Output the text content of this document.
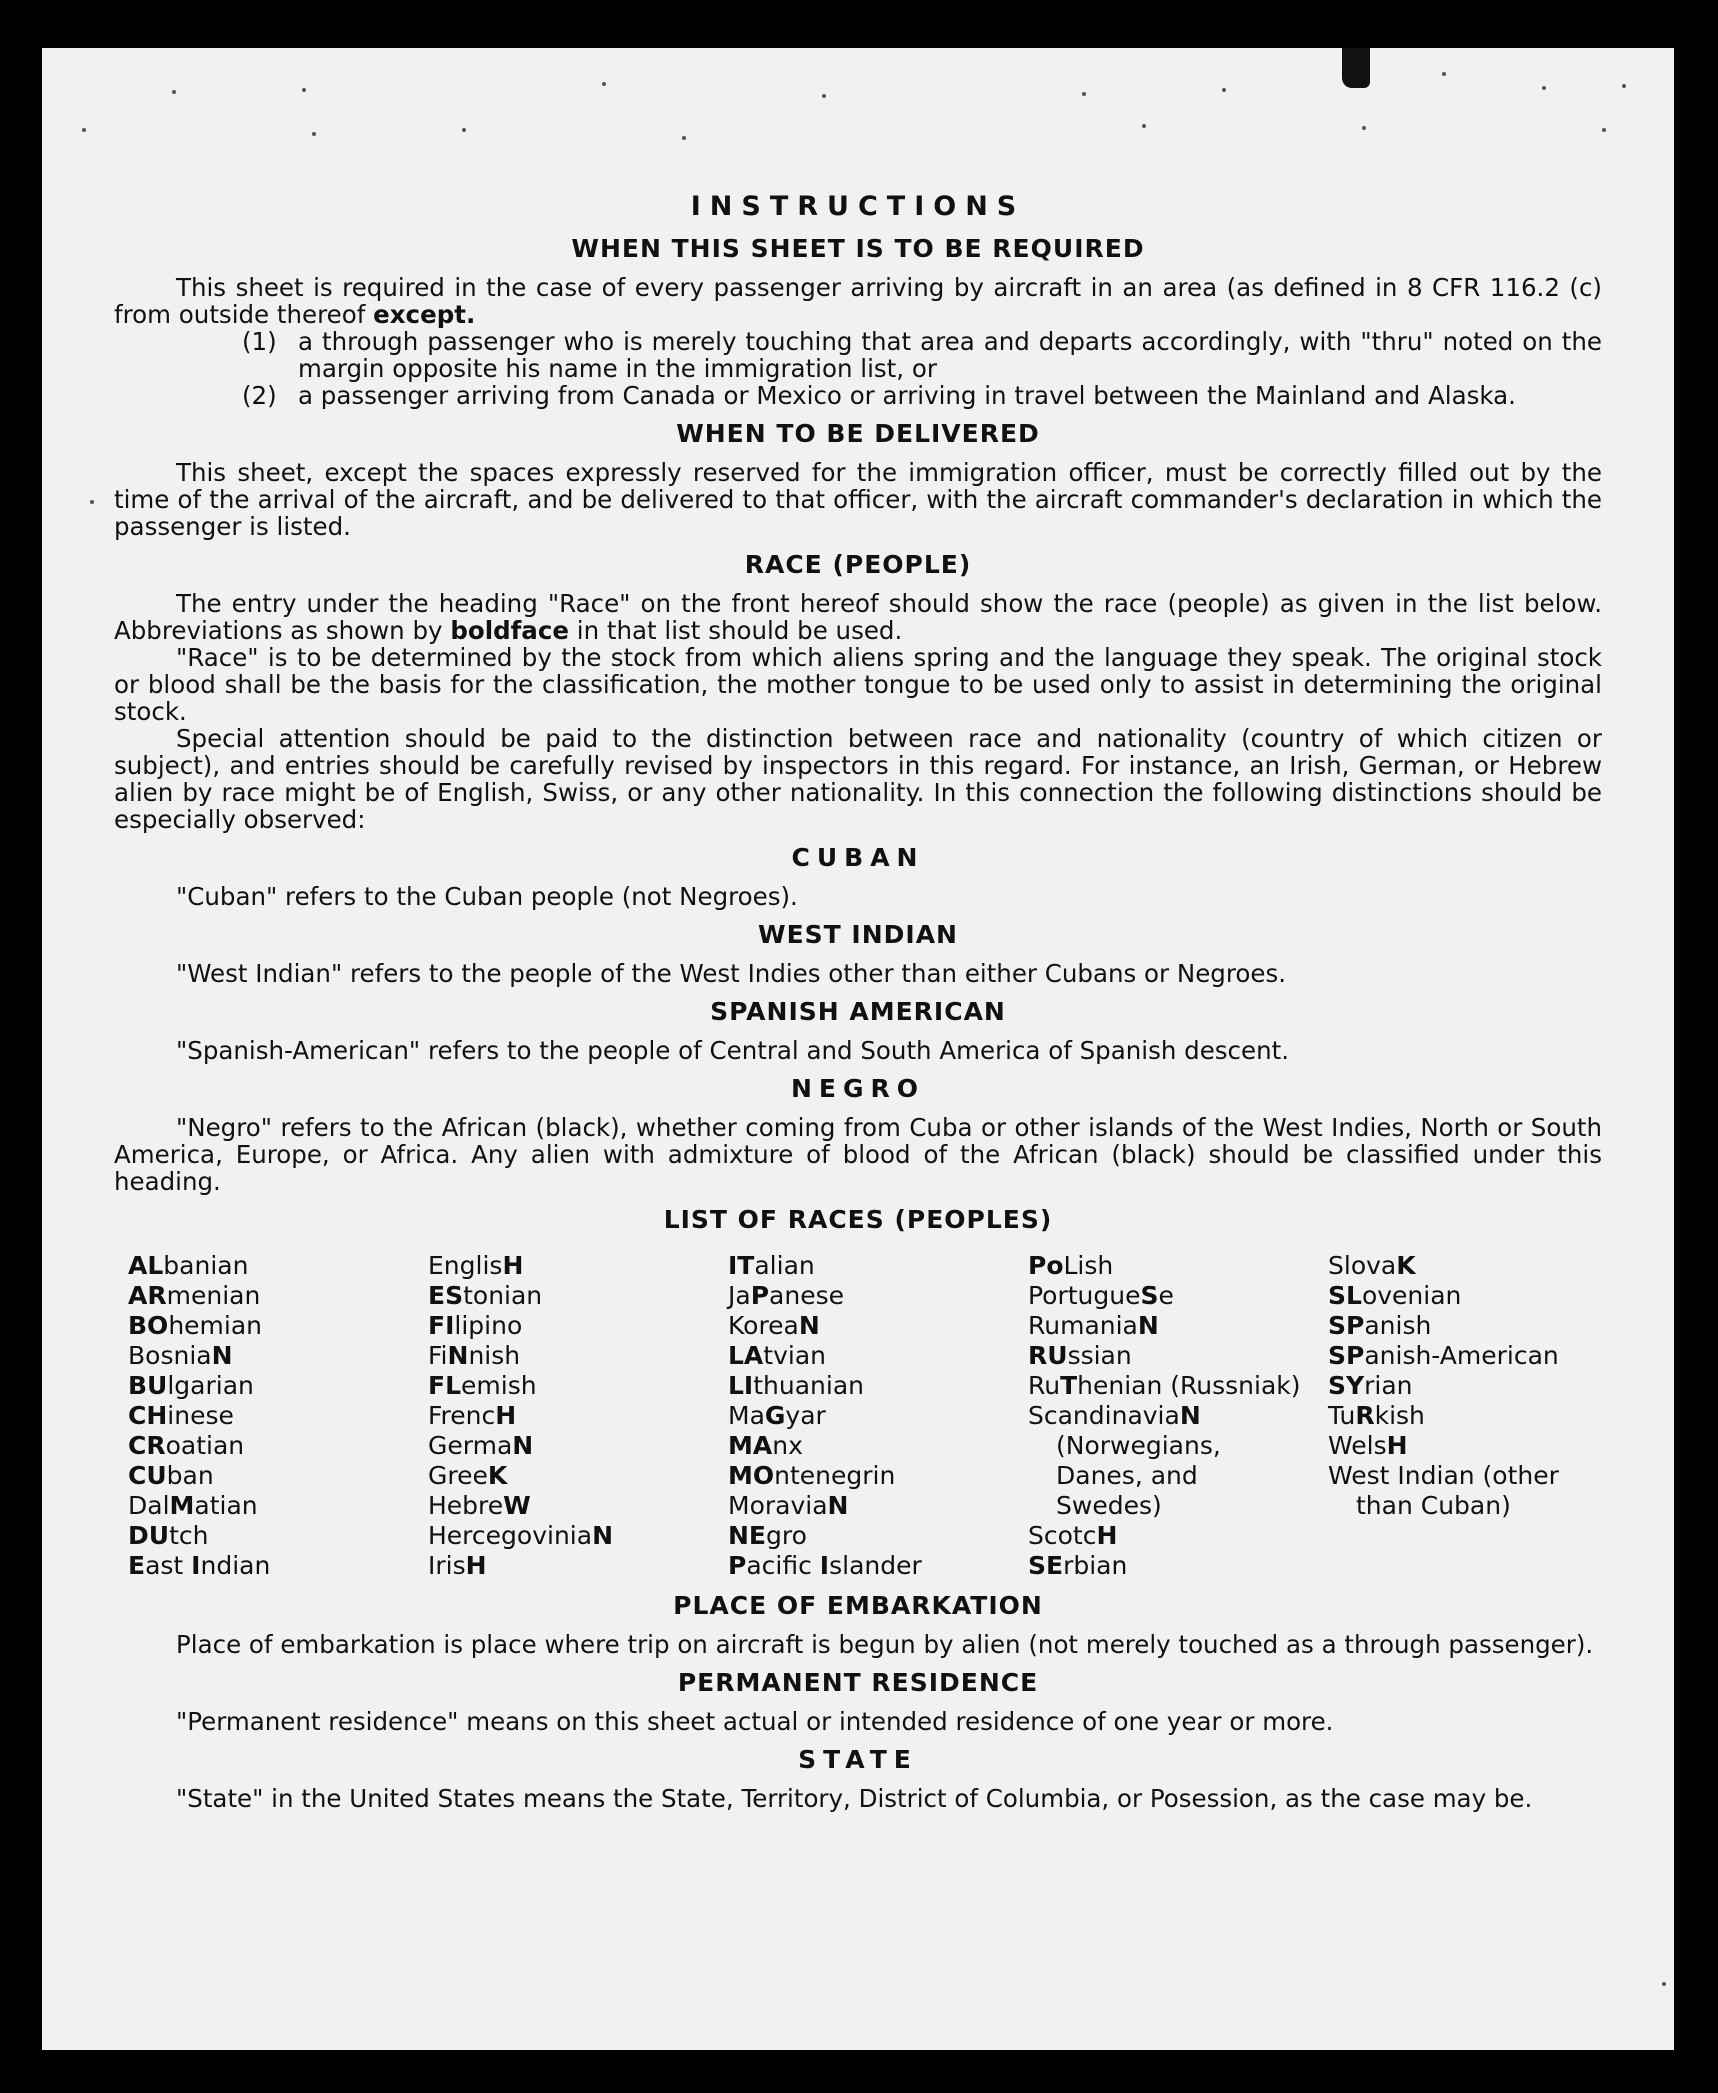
INSTRUCTIONS
WHEN THIS SHEET IS TO BE REQUIRED

This sheet is required in the case of every passenger arriving by aircraft in an area (as defined in 8 CFR 116.2 (c) from outside thereof except.

(1) a through passenger who is merely touching that area and departs accordingly, with "thru" noted on the margin opposite his name in the immigration list, or
(2) a passenger arriving from Canada or Mexico or arriving in travel between the Mainland and Alaska.
WHEN TO BE DELIVERED

This sheet, except the spaces expressly reserved for the immigration officer, must be correctly filled out by the time of the arrival of the aircraft, and be delivered to that officer, with the aircraft commander's declaration in which the passenger is listed.

RACE (PEOPLE)

The entry under the heading "Race" on the front hereof should show the race (people) as given in the list below. Abbreviations as shown by boldface in that list should be used.

"Race" is to be determined by the stock from which aliens spring and the language they speak. The original stock or blood shall be the basis for the classification, the mother tongue to be used only to assist in determining the original stock.

Special attention should be paid to the distinction between race and nationality (country of which citizen or subject), and entries should be carefully revised by inspectors in this regard. For instance, an Irish, German, or Hebrew alien by race might be of English, Swiss, or any other nationality. In this connection the following distinctions should be especially observed:

CUBAN

"Cuban" refers to the Cuban people (not Negroes).

WEST INDIAN

"West Indian" refers to the people of the West Indies other than either Cubans or Negroes.

SPANISH AMERICAN

"Spanish-American" refers to the people of Central and South America of Spanish descent.

NEGRO

"Negro" refers to the African (black), whether coming from Cuba or other islands of the West Indies, North or South America, Europe, or Africa. Any alien with admixture of blood of the African (black) should be classified under this heading.

LIST OF RACES (PEOPLES)
ALbanian
ARmenian
BOhemian
BosniaN
BUlgarian
CHinese
CRoatian
CUban
DalMatian
DUtch
East Indian
EnglisH
EStonian
FIlipino
FiNnish
FLemish
FrencH
GermaN
GreeK
HebreW
HercegoviniaN
IrisH
ITalian
JaPanese
KoreaN
LAtvian
LIthuanian
MaGyar
MAnx
MOntenegrin
MoraviaN
NEgro
Pacific Islander
PoLish
PortugueSe
RumaniaN
RUssian
RuThenian (Russniak)
ScandinaviaN
(Norwegians,
Danes, and
Swedes)
ScotcH
SErbian
SlovaK
SLovenian
SPanish
SPanish-American
SYrian
TuRkish
WelsH
West Indian (other
than Cuban)
PLACE OF EMBARKATION

Place of embarkation is place where trip on aircraft is begun by alien (not merely touched as a through passenger).

PERMANENT RESIDENCE

"Permanent residence" means on this sheet actual or intended residence of one year or more.

STATE

"State" in the United States means the State, Territory, District of Columbia, or Posession, as the case may be.
